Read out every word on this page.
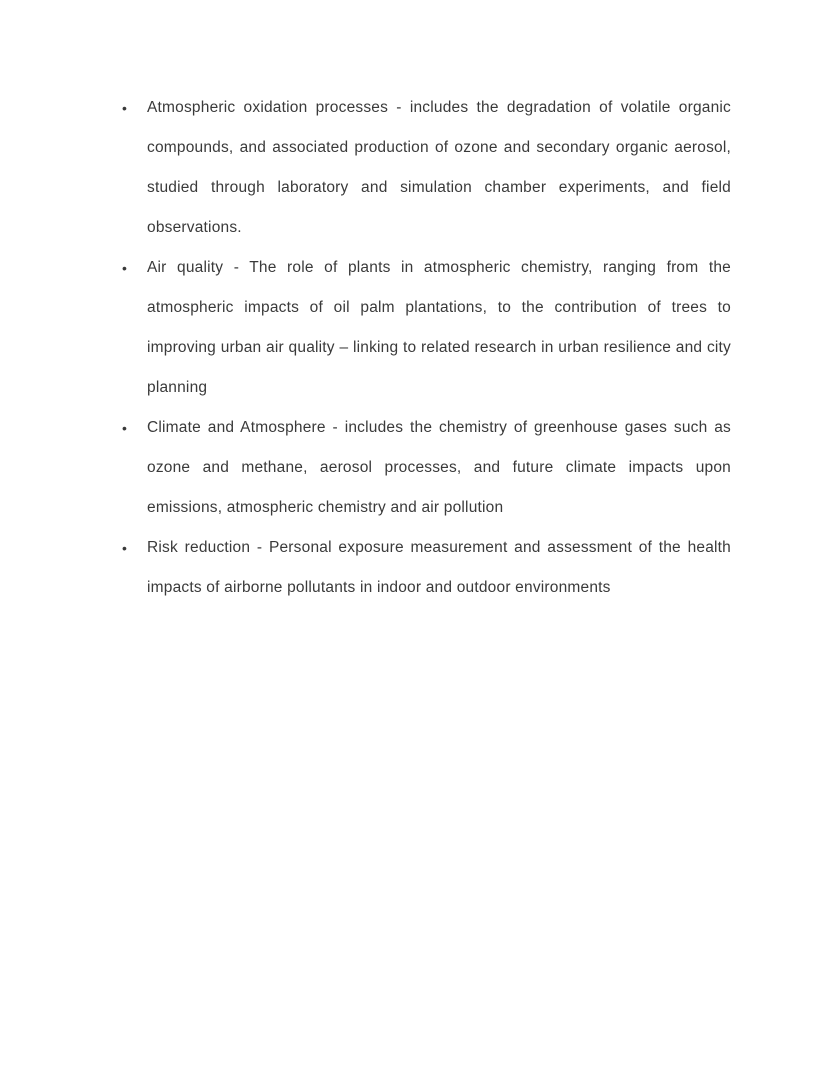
• Atmospheric oxidation processes - includes the degradation of volatile organic compounds, and associated production of ozone and secondary organic aerosol, studied through laboratory and simulation chamber experiments, and field observations.
• Air quality - The role of plants in atmospheric chemistry, ranging from the atmospheric impacts of oil palm plantations, to the contribution of trees to improving urban air quality – linking to related research in urban resilience and city planning
• Climate and Atmosphere - includes the chemistry of greenhouse gases such as ozone and methane, aerosol processes, and future climate impacts upon emissions, atmospheric chemistry and air pollution
• Risk reduction - Personal exposure measurement and assessment of the health impacts of airborne pollutants in indoor and outdoor environments
